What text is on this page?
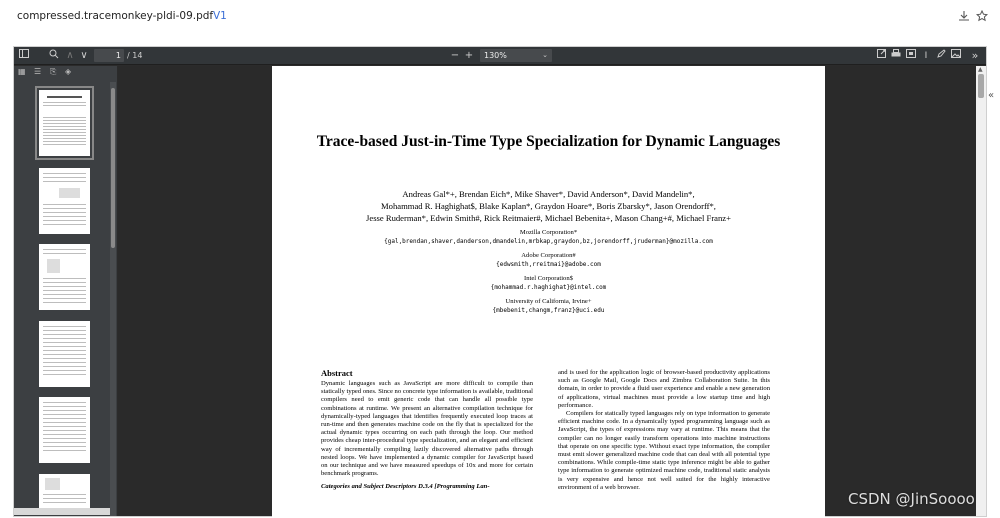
compressed.tracemonkey-pldi-09.pdf V1
∧ ∨	1 / 14	− +	130%	⌄	I	»
▦ ☰ ⎘ ◈
Trace-based Just-in-Time Type Specialization for Dynamic Languages
Andreas Gal*+, Brendan Eich*, Mike Shaver*, David Anderson*, David Mandelin*,
Mohammad R. Haghighat$, Blake Kaplan*, Graydon Hoare*, Boris Zbarsky*, Jason Orendorff*,
Jesse Ruderman*, Edwin Smith#, Rick Reitmaier#, Michael Bebenita+, Mason Chang+#, Michael Franz+
Mozilla Corporation*
{gal,brendan,shaver,danderson,dmandelin,mrbkap,graydon,bz,jorendorff,jruderman}@mozilla.com
Adobe Corporation#
{edwsmith,rreitmai}@adobe.com
Intel Corporation$
{mohammad.r.haghighat}@intel.com
University of California, Irvine+
{mbebenit,changm,franz}@uci.edu
Abstract

Dynamic languages such as JavaScript are more difficult to compile than statically typed ones. Since no concrete type information is available, traditional compilers need to emit generic code that can handle all possible type combinations at runtime. We present an alternative compilation technique for dynamically-typed languages that identifies frequently executed loop traces at run-time and then generates machine code on the fly that is specialized for the actual dynamic types occurring on each path through the loop. Our method provides cheap inter-procedural type specialization, and an elegant and efficient way of incrementally compiling lazily discovered alternative paths through nested loops. We have implemented a dynamic compiler for JavaScript based on our technique and we have measured speedups of 10x and more for certain benchmark programs.

Categories and Subject Descriptors D.3.4 [Programming Lan-

and is used for the application logic of browser-based productivity applications such as Google Mail, Google Docs and Zimbra Collaboration Suite. In this domain, in order to provide a fluid user experience and enable a new generation of applications, virtual machines must provide a low startup time and high performance.

Compilers for statically typed languages rely on type information to generate efficient machine code. In a dynamically typed programming language such as JavaScript, the types of expressions may vary at runtime. This means that the compiler can no longer easily transform operations into machine instructions that operate on one specific type. Without exact type information, the compiler must emit slower generalized machine code that can deal with all potential type combinations. While compile-time static type inference might be able to gather type information to generate optimized machine code, traditional static analysis is very expensive and hence not well suited for the highly interactive environment of a web browser.

▲
«
CSDN @JinSoooo
